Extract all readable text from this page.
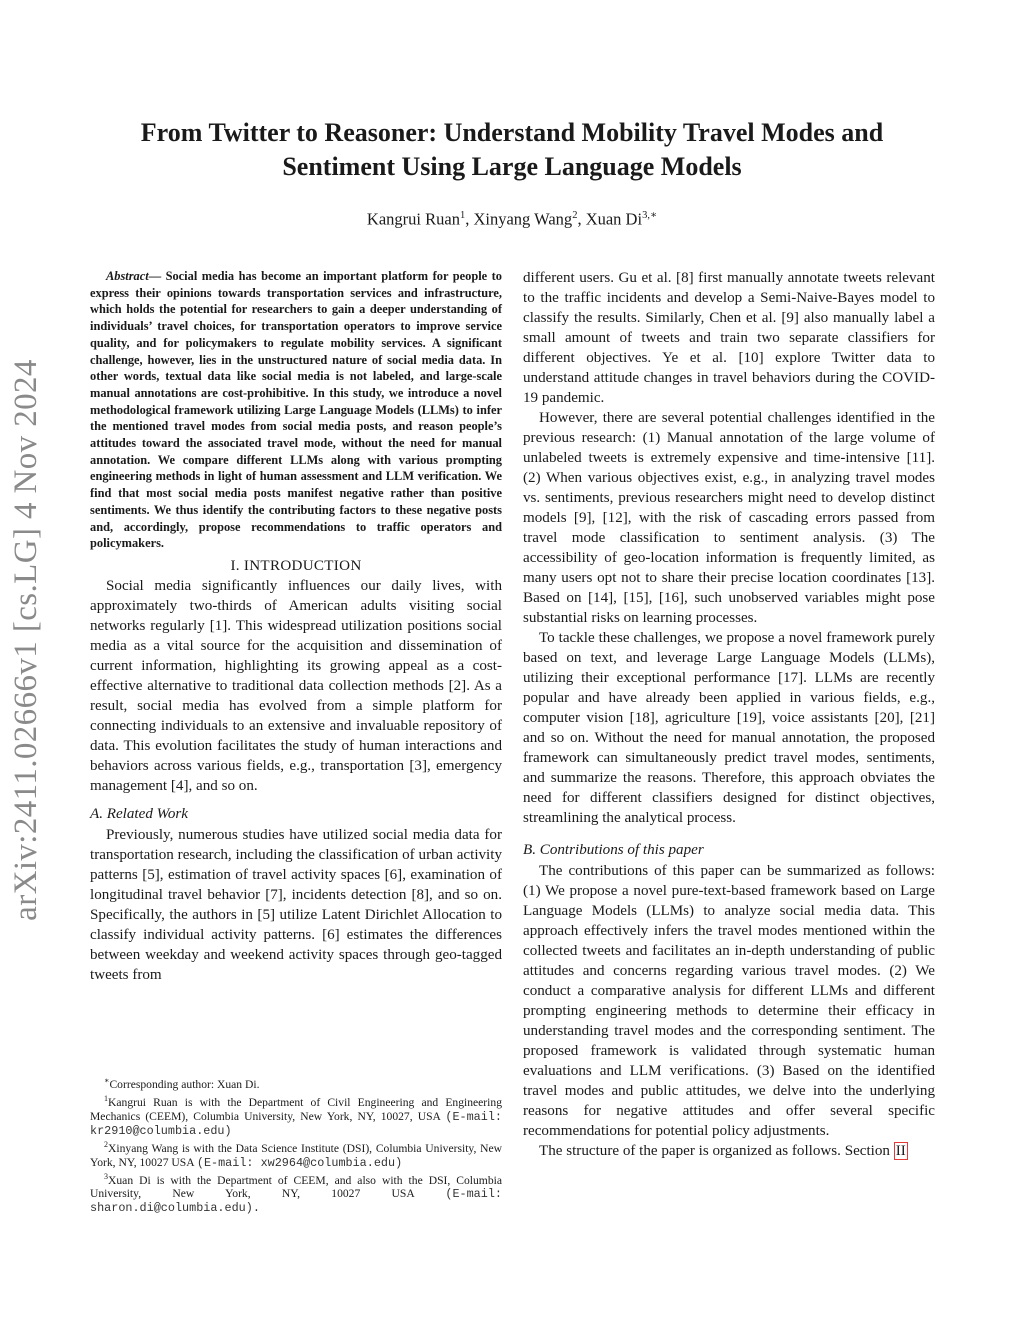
arXiv:2411.02666v1 [cs.LG] 4 Nov 2024
From Twitter to Reasoner: Understand Mobility Travel Modes and
Sentiment Using Large Language Models
Kangrui Ruan$^1$, Xinyang Wang$^2$, Xuan $Di^{3,∗}$

Abstract— Social media has become an important platform for people to express their opinions towards transportation services and infrastructure, which holds the potential for researchers to gain a deeper understanding of individuals’ travel choices, for transportation operators to improve service quality, and for policymakers to regulate mobility services. A significant challenge, however, lies in the unstructured nature of social media data. In other words, textual data like social media is not labeled, and large-scale manual annotations are cost-prohibitive. In this study, we introduce a novel methodological framework utilizing Large Language Models (LLMs) to infer the mentioned travel modes from social media posts, and reason people’s attitudes toward the associated travel mode, without the need for manual annotation. We compare different LLMs along with various prompting engineering methods in light of human assessment and LLM verification. We find that most social media posts manifest negative rather than positive sentiments. We thus identify the contributing factors to these negative posts and, accordingly, propose recommendations to traffic operators and policymakers.

I. INTRODUCTION

Social media significantly influences our daily lives, with approximately two-thirds of American adults visiting social networks regularly [1]. This widespread utilization positions social media as a vital source for the acquisition and dissemination of current information, highlighting its growing appeal as a cost-effective alternative to traditional data collection methods [2]. As a result, social media has evolved from a simple platform for connecting individuals to an extensive and invaluable repository of data. This evolution facilitates the study of human interactions and behaviors across various fields, e.g., transportation [3], emergency management [4], and so on.

A. Related Work

Previously, numerous studies have utilized social media data for transportation research, including the classification of urban activity patterns [5], estimation of travel activity spaces [6], examination of longitudinal travel behavior [7], incidents detection [8], and so on. Specifically, the authors in [5] utilize Latent Dirichlet Allocation to classify individual activity patterns. [6] estimates the differences between weekday and weekend activity spaces through geo-tagged tweets from

∗Corresponding author: Xuan Di.

$^1$Kangrui Ruan is with the Department of Civil Engineering and Engineering Mechanics (CEEM), Columbia University, New York, NY, 10027, USA (E-mail: kr2910@columbia.edu)

$^2$Xinyang Wang is with the Data Science Institute (DSI), Columbia University, New York, NY, 10027 USA (E-mail: xw2964@columbia.edu)

$^3$Xuan Di is with the Department of CEEM, and also with the DSI, Columbia University, New York, NY, 10027 USA (E-mail: sharon.di@columbia.edu).

different users. Gu et al. [8] first manually annotate tweets relevant to the traffic incidents and develop a Semi-Naive-Bayes model to classify the results. Similarly, Chen et al. [9] also manually label a small amount of tweets and train two separate classifiers for different objectives. Ye et al. [10] explore Twitter data to understand attitude changes in travel behaviors during the COVID-19 pandemic.

However, there are several potential challenges identified in the previous research: (1) Manual annotation of the large volume of unlabeled tweets is extremely expensive and time-intensive [11]. (2) When various objectives exist, e.g., in analyzing travel modes vs. sentiments, previous researchers might need to develop distinct models [9], [12], with the risk of cascading errors passed from travel mode classification to sentiment analysis. (3) The accessibility of geo-location information is frequently limited, as many users opt not to share their precise location coordinates [13]. Based on [14], [15], [16], such unobserved variables might pose substantial risks on learning processes.

To tackle these challenges, we propose a novel framework purely based on text, and leverage Large Language Models (LLMs), utilizing their exceptional performance [17]. LLMs are recently popular and have already been applied in various fields, e.g., computer vision [18], agriculture [19], voice assistants [20], [21] and so on. Without the need for manual annotation, the proposed framework can simultaneously predict travel modes, sentiments, and summarize the reasons. Therefore, this approach obviates the need for different classifiers designed for distinct objectives, streamlining the analytical process.

B. Contributions of this paper

The contributions of this paper can be summarized as follows: (1) We propose a novel pure-text-based framework based on Large Language Models (LLMs) to analyze social media data. This approach effectively infers the travel modes mentioned within the collected tweets and facilitates an in-depth understanding of public attitudes and concerns regarding various travel modes. (2) We conduct a comparative analysis for different LLMs and different prompting engineering methods to determine their efficacy in understanding travel modes and the corresponding sentiment. The proposed framework is validated through systematic human evaluations and LLM verifications. (3) Based on the identified travel modes and public attitudes, we delve into the underlying reasons for negative attitudes and offer several specific recommendations for potential policy adjustments.

The structure of the paper is organized as follows. Section II
